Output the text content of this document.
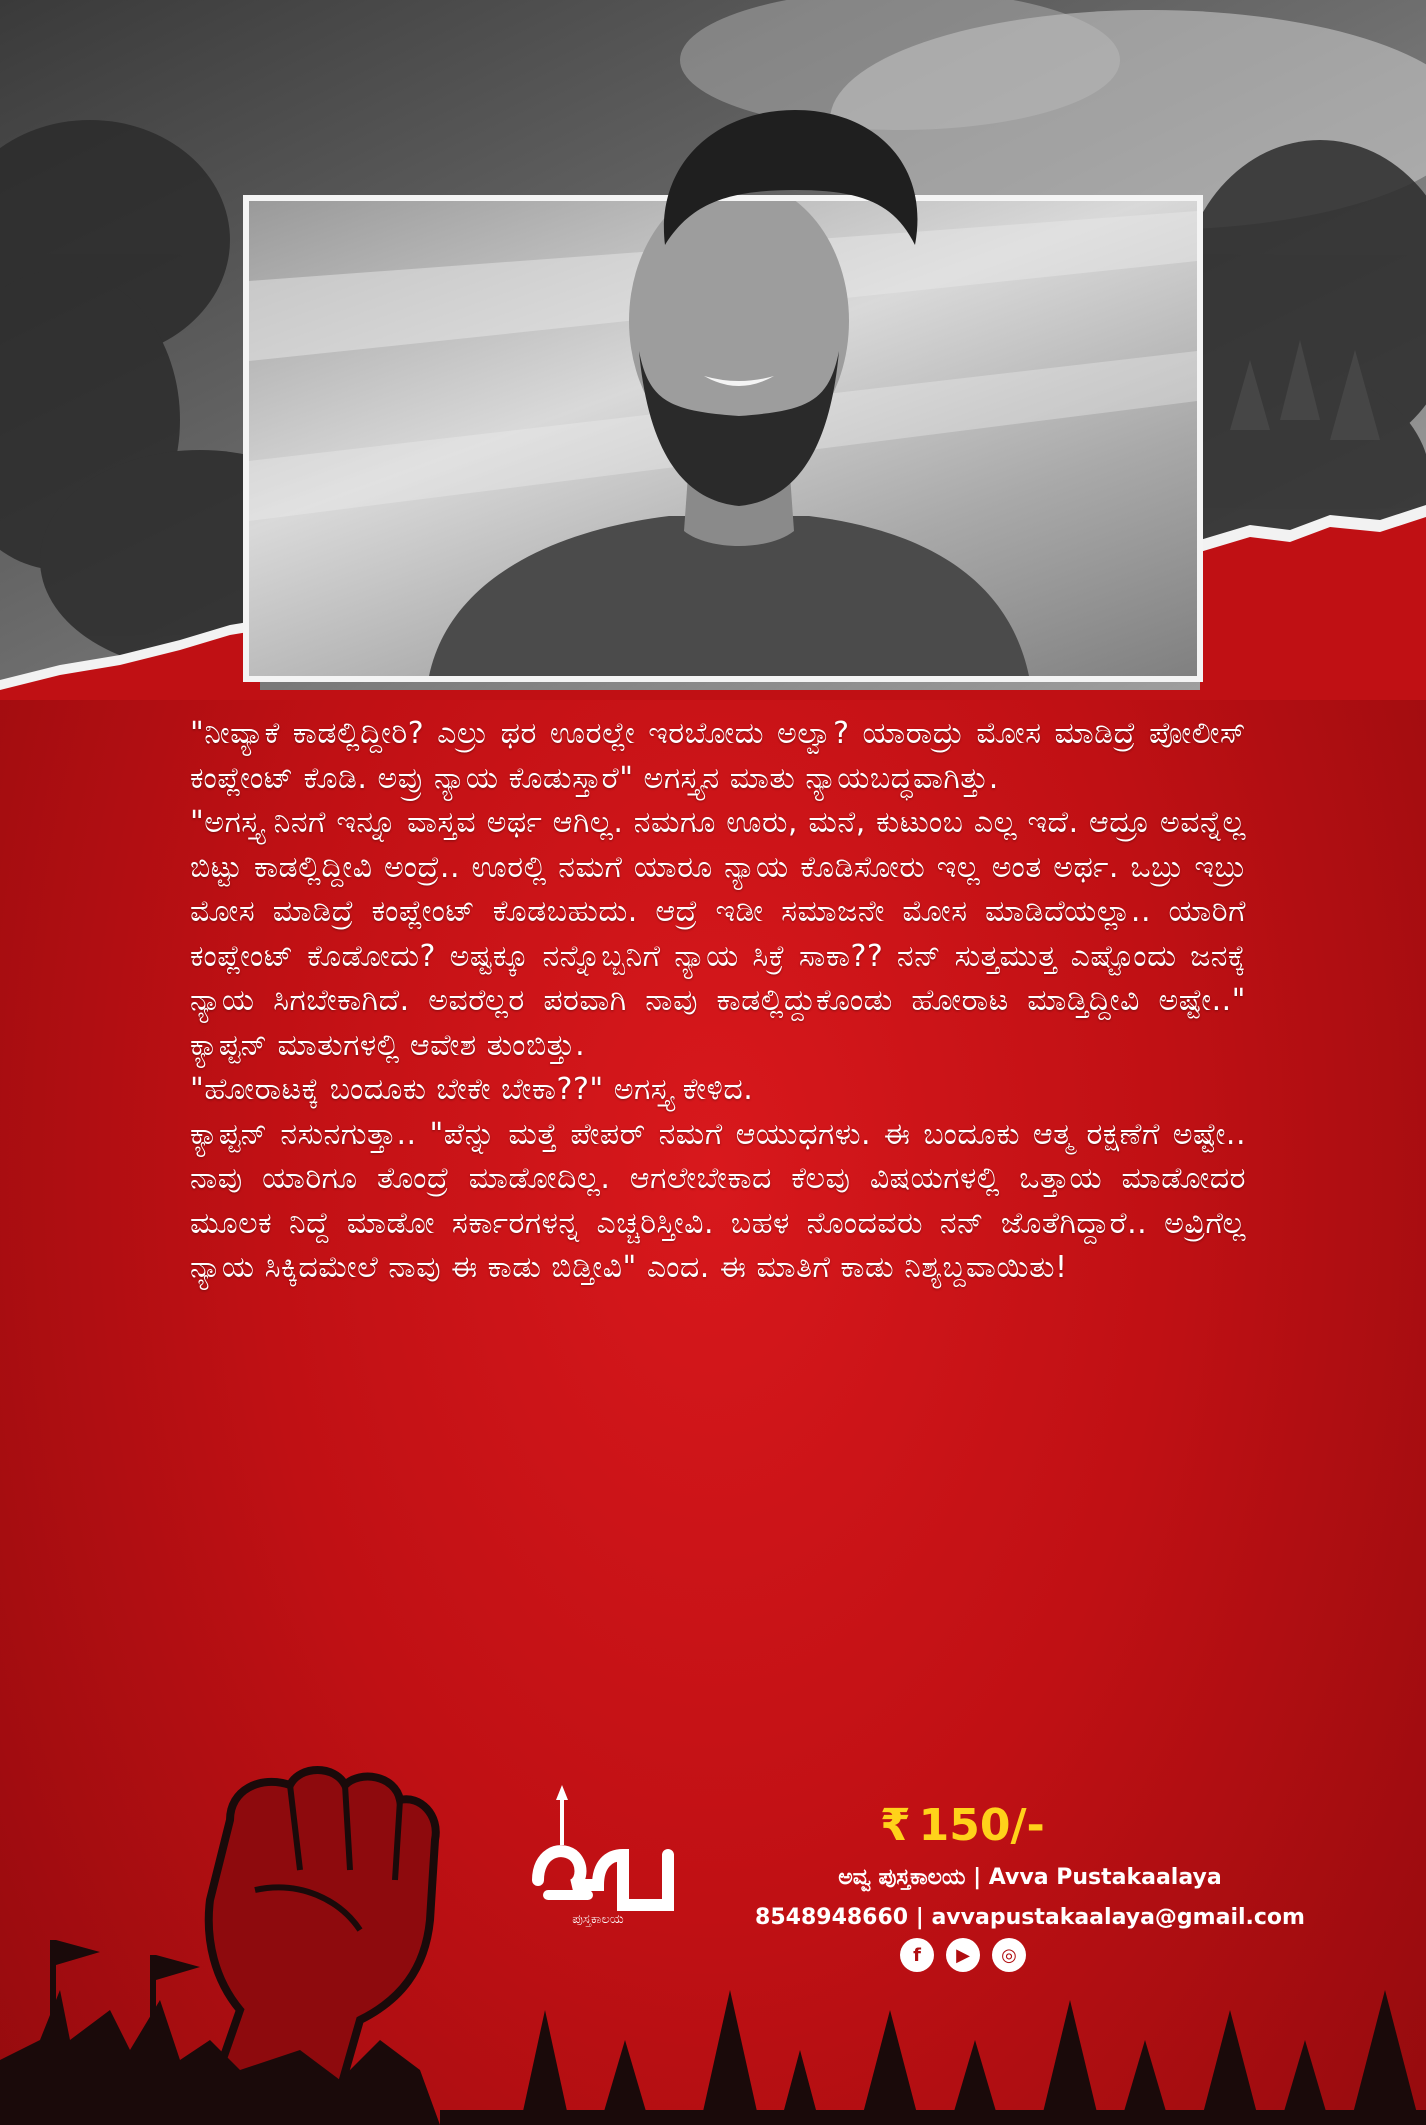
"ನೀವ್ಯಾಕೆ ಕಾಡಲ್ಲಿದ್ದೀರಿ? ಎಲ್ರು ಥರ ಊರಲ್ಲೇ ಇರಬೋದು ಅಲ್ವಾ? ಯಾರಾದ್ರು ಮೋಸ ಮಾಡಿದ್ರೆ ಪೋಲೀಸ್ ಕಂಪ್ಲೇಂಟ್ ಕೊಡಿ. ಅವ್ರು ನ್ಯಾಯ ಕೊಡುಸ್ತಾರೆ" ಅಗಸ್ತ್ಯನ ಮಾತು ನ್ಯಾಯಬದ್ಧವಾಗಿತ್ತು.

"ಅಗಸ್ತ್ಯ ನಿನಗೆ ಇನ್ನೂ ವಾಸ್ತವ ಅರ್ಥ ಆಗಿಲ್ಲ. ನಮಗೂ ಊರು, ಮನೆ, ಕುಟುಂಬ ಎಲ್ಲ ಇದೆ. ಆದ್ರೂ ಅವನ್ನೆಲ್ಲ ಬಿಟ್ಟು ಕಾಡಲ್ಲಿದ್ದೀವಿ ಅಂದ್ರೆ.. ಊರಲ್ಲಿ ನಮಗೆ ಯಾರೂ ನ್ಯಾಯ ಕೊಡಿಸೋರು ಇಲ್ಲ ಅಂತ ಅರ್ಥ. ಒಬ್ರು ಇಬ್ರು ಮೋಸ ಮಾಡಿದ್ರೆ ಕಂಪ್ಲೇಂಟ್ ಕೊಡಬಹುದು. ಆದ್ರೆ ಇಡೀ ಸಮಾಜನೇ ಮೋಸ ಮಾಡಿದೆಯಲ್ಲಾ.. ಯಾರಿಗೆ ಕಂಪ್ಲೇಂಟ್ ಕೊಡೋದು? ಅಷ್ಟಕ್ಕೂ ನನ್ನೊಬ್ಬನಿಗೆ ನ್ಯಾಯ ಸಿಕ್ರೆ ಸಾಕಾ?? ನನ್ ಸುತ್ತಮುತ್ತ ಎಷ್ಟೊಂದು ಜನಕ್ಕೆ ನ್ಯಾಯ ಸಿಗಬೇಕಾಗಿದೆ. ಅವರೆಲ್ಲರ ಪರವಾಗಿ ನಾವು ಕಾಡಲ್ಲಿದ್ದುಕೊಂಡು ಹೋರಾಟ ಮಾಡ್ತಿದ್ದೀವಿ ಅಷ್ಟೇ.." ಕ್ಯಾಪ್ಟನ್ ಮಾತುಗಳಲ್ಲಿ ಆವೇಶ ತುಂಬಿತ್ತು.

"ಹೋರಾಟಕ್ಕೆ ಬಂದೂಕು ಬೇಕೇ ಬೇಕಾ??" ಅಗಸ್ತ್ಯ ಕೇಳಿದ.

ಕ್ಯಾಪ್ಟನ್ ನಸುನಗುತ್ತಾ.. "ಪೆನ್ನು ಮತ್ತೆ ಪೇಪರ್ ನಮಗೆ ಆಯುಧಗಳು. ಈ ಬಂದೂಕು ಆತ್ಮ ರಕ್ಷಣೆಗೆ ಅಷ್ಟೇ.. ನಾವು ಯಾರಿಗೂ ತೊಂದ್ರೆ ಮಾಡೋದಿಲ್ಲ. ಆಗಲೇಬೇಕಾದ ಕೆಲವು ವಿಷಯಗಳಲ್ಲಿ ಒತ್ತಾಯ ಮಾಡೋದರ ಮೂಲಕ ನಿದ್ದೆ ಮಾಡೋ ಸರ್ಕಾರಗಳನ್ನ ಎಚ್ಚರಿಸ್ತೀವಿ. ಬಹಳ ನೊಂದವರು ನನ್ ಜೊತೆಗಿದ್ದಾರೆ.. ಅವ್ರಿಗೆಲ್ಲ ನ್ಯಾಯ ಸಿಕ್ಕಿದಮೇಲೆ ನಾವು ಈ ಕಾಡು ಬಿಡ್ತೀವಿ" ಎಂದ. ಈ ಮಾತಿಗೆ ಕಾಡು ನಿಶ್ಯಬ್ದವಾಯಿತು!

ಪುಸ್ತಕಾಲಯ
₹ 150/-
ಅವ್ವ ಪುಸ್ತಕಾಲಯ | Avva Pustakaalaya
8548948660 | avvapustakaalaya@gmail.com
f	▶	◎
